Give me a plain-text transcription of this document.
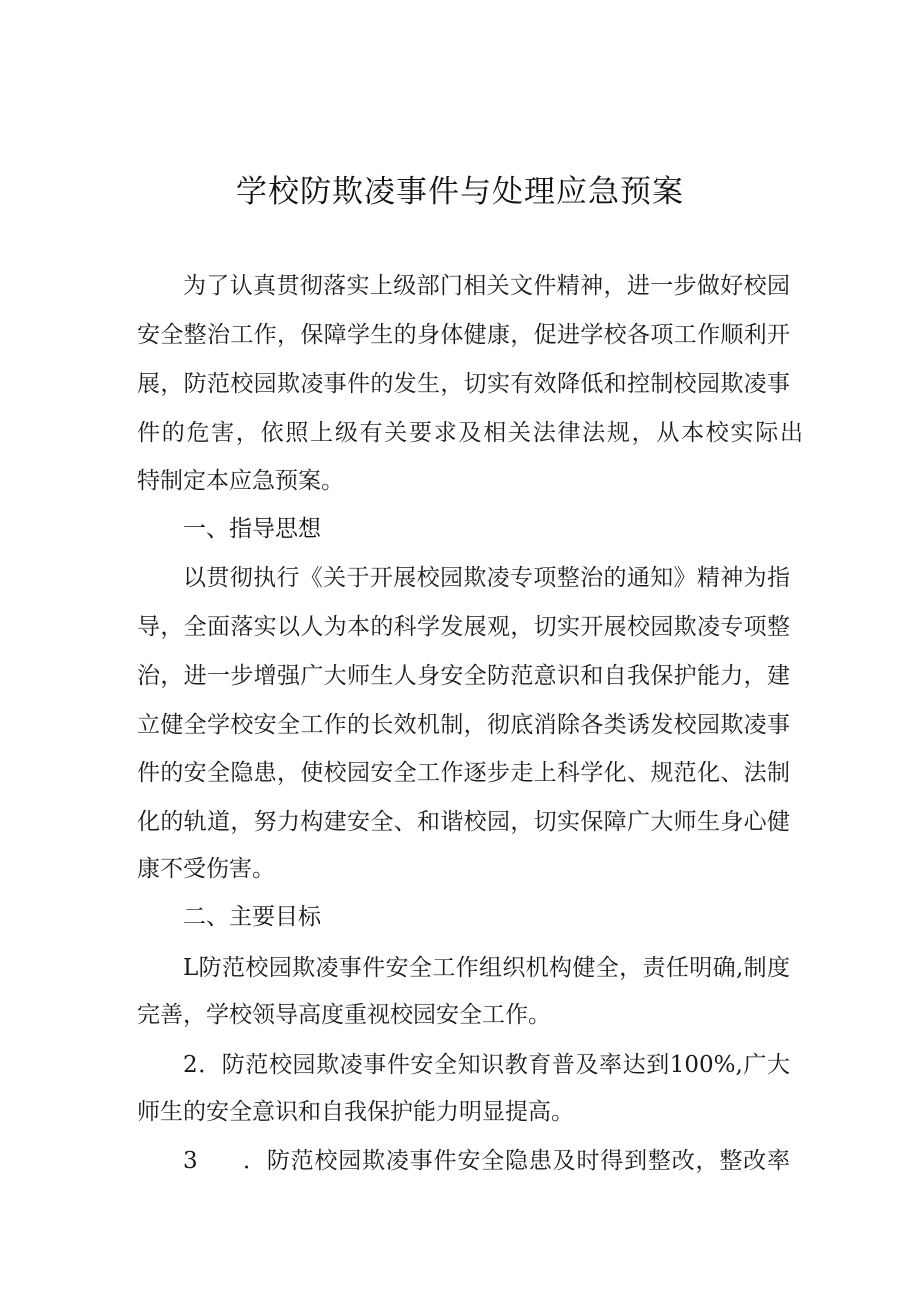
学校防欺凌事件与处理应急预案
为了认真贯彻落实上级部门相关文件精神，进一步做好校园
安全整治工作，保障学生的身体健康，促进学校各项工作顺利开
展，防范校园欺凌事件的发生，切实有效降低和控制校园欺凌事
件的危害，依照上级有关要求及相关法律法规，从本校实际出
特制定本应急预案。
一、指导思想
以贯彻执行《关于开展校园欺凌专项整治的通知》精神为指
导，全面落实以人为本的科学发展观，切实开展校园欺凌专项整
治，进一步增强广大师生人身安全防范意识和自我保护能力，建
立健全学校安全工作的长效机制，彻底消除各类诱发校园欺凌事
件的安全隐患，使校园安全工作逐步走上科学化、规范化、法制
化的轨道，努力构建安全、和谐校园，切实保障广大师生身心健
康不受伤害。
二、主要目标
L防范校园欺凌事件安全工作组织机构健全，责任明确,制度
完善，学校领导高度重视校园安全工作。
2．防范校园欺凌事件安全知识教育普及率达到100%,广大
师生的安全意识和自我保护能力明显提高。
3 ．防范校园欺凌事件安全隐患及时得到整改，整改率
